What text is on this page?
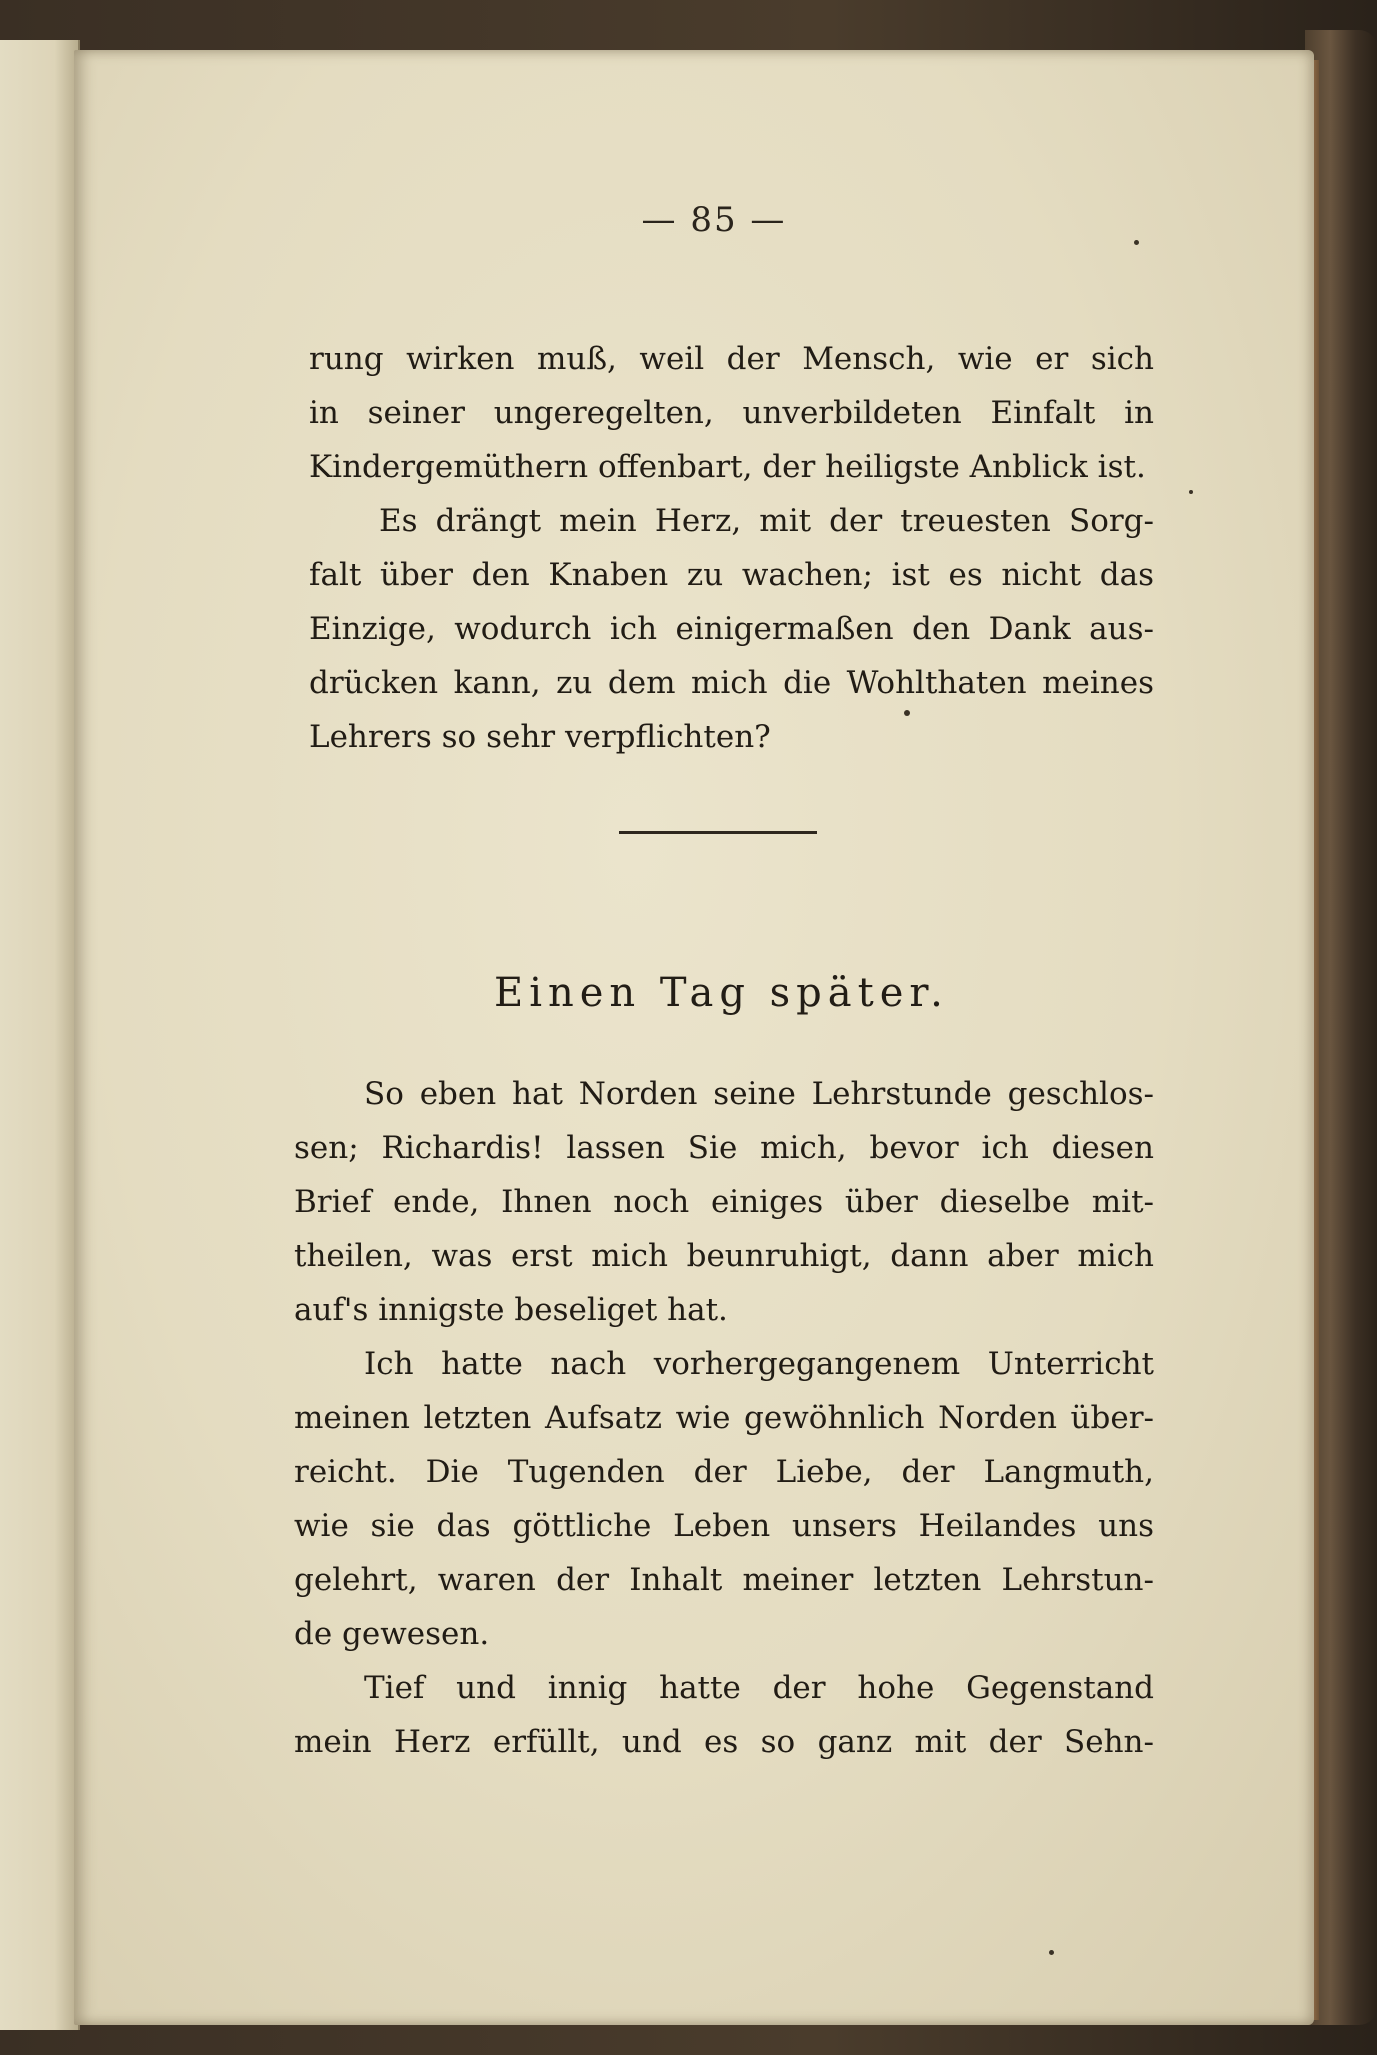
— 85 —
rung wirken muß, weil der Mensch, wie er sich
in seiner ungeregelten, unverbildeten Einfalt in
Kindergemüthern offenbart, der heiligste Anblick ist.
Es drängt mein Herz, mit der treuesten Sorg-
falt über den Knaben zu wachen; ist es nicht das
Einzige, wodurch ich einigermaßen den Dank aus-
drücken kann, zu dem mich die Wohlthaten meines
Lehrers so sehr verpflichten?
Einen Tag später.
So eben hat Norden seine Lehrstunde geschlos-
sen; Richardis! lassen Sie mich, bevor ich diesen
Brief ende, Ihnen noch einiges über dieselbe mit-
theilen, was erst mich beunruhigt, dann aber mich
auf's innigste beseliget hat.
Ich hatte nach vorhergegangenem Unterricht
meinen letzten Aufsatz wie gewöhnlich Norden über-
reicht. Die Tugenden der Liebe, der Langmuth,
wie sie das göttliche Leben unsers Heilandes uns
gelehrt, waren der Inhalt meiner letzten Lehrstun-
de gewesen.
Tief und innig hatte der hohe Gegenstand
mein Herz erfüllt, und es so ganz mit der Sehn-
